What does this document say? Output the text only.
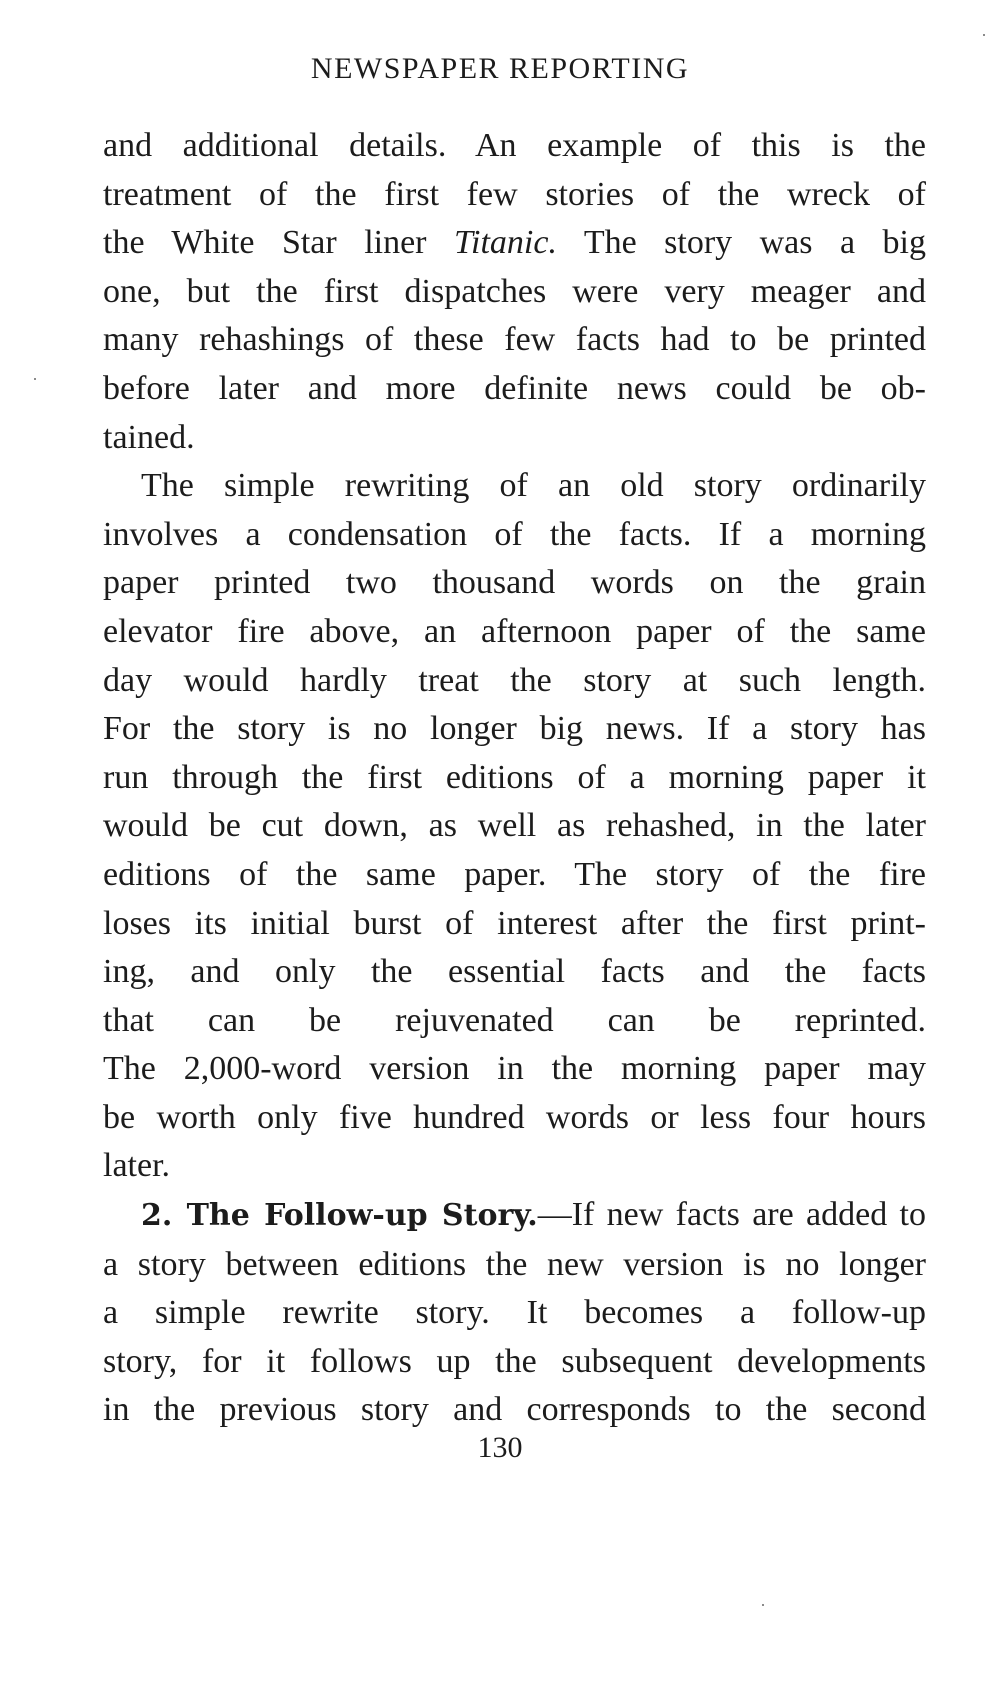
NEWSPAPER REPORTING
and additional details. An example of this is the
treatment of the first few stories of the wreck of
the White Star liner Titanic. The story was a big
one, but the first dispatches were very meager and
many rehashings of these few facts had to be printed
before later and more definite news could be ob-
tained.
The simple rewriting of an old story ordinarily
involves a condensation of the facts. If a morning
paper printed two thousand words on the grain
elevator fire above, an afternoon paper of the same
day would hardly treat the story at such length.
For the story is no longer big news. If a story has
run through the first editions of a morning paper it
would be cut down, as well as rehashed, in the later
editions of the same paper. The story of the fire
loses its initial burst of interest after the first print-
ing, and only the essential facts and the facts
that can be rejuvenated can be reprinted.
The 2,000-word version in the morning paper may
be worth only five hundred words or less four hours
later.
2. The Follow-up Story.—If new facts are added to
a story between editions the new version is no longer
a simple rewrite story. It becomes a follow-up
story, for it follows up the subsequent developments
in the previous story and corresponds to the second
130
